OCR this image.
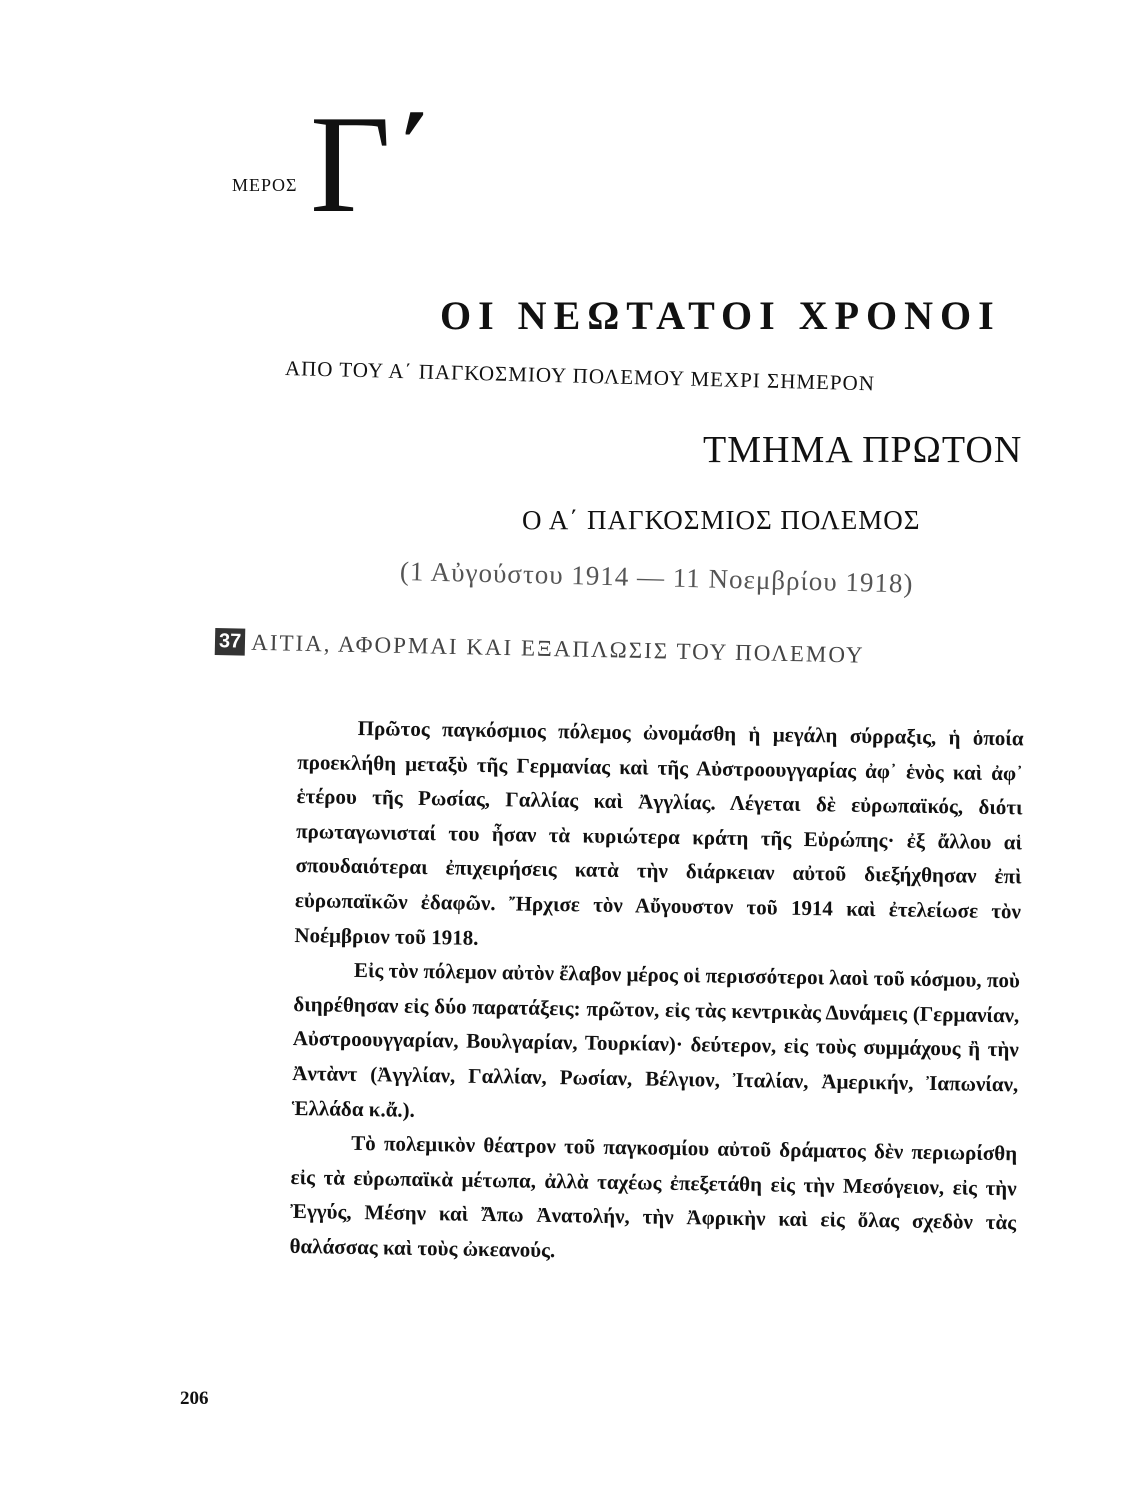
ΜΕΡΟΣ Γ΄
ΟΙ ΝΕΩΤΑΤΟΙ ΧΡΟΝΟΙ
ΑΠΟ ΤΟΥ Α΄ ΠΑΓΚΟΣΜΙΟΥ ΠΟΛΕΜΟΥ ΜΕΧΡΙ ΣΗΜΕΡΟΝ
ΤΜΗΜΑ ΠΡΩΤΟΝ
Ο Α΄ ΠΑΓΚΟΣΜΙΟΣ ΠΟΛΕΜΟΣ
(1 Αὐγούστου 1914 — 11 Νοεμβρίου 1918)
37 ΑΙΤΙΑ, ΑΦΟΡΜΑΙ ΚΑΙ ΕΞΑΠΛΩΣΙΣ ΤΟΥ ΠΟΛΕΜΟΥ

Πρῶτος παγκόσμιος πόλεμος ὠνομάσθη ἡ μεγάλη σύρραξις, ἡ ὁποία προεκλήθη μεταξὺ τῆς Γερμανίας καὶ τῆς Αὐστροουγγαρίας ἀφ᾿ ἑνὸς καὶ ἀφ᾿ ἑτέρου τῆς Ρωσίας, Γαλλίας καὶ Ἀγγλίας. Λέγεται δὲ εὐρωπαϊκός, διότι πρωταγωνισταί του ἦσαν τὰ κυριώτερα κράτη τῆς Εὐρώπης· ἐξ ἄλλου αἱ σπουδαιότεραι ἐπιχειρήσεις κατὰ τὴν διάρκειαν αὐτοῦ διεξήχθησαν ἐπὶ εὐρωπαϊκῶν ἐδαφῶν. Ἤρχισε τὸν Αὔγουστον τοῦ 1914 καὶ ἐτελείωσε τὸν Νοέμβριον τοῦ 1918.

Εἰς τὸν πόλεμον αὐτὸν ἔλαβον μέρος οἱ περισσότεροι λαοὶ τοῦ κόσμου, ποὺ διηρέθησαν εἰς δύο παρατάξεις: πρῶτον, εἰς τὰς κεντρικὰς Δυνάμεις (Γερμανίαν, Αὐστροουγγαρίαν, Βουλγαρίαν, Τουρκίαν)· δεύτερον, εἰς τοὺς συμμάχους ἢ τὴν Ἀντὰντ (Ἀγγλίαν, Γαλλίαν, Ρωσίαν, Βέλγιον, Ἰταλίαν, Ἀμερικήν, Ἰαπωνίαν, Ἑλλάδα κ.ἄ.).

Τὸ πολεμικὸν θέατρον τοῦ παγκοσμίου αὐτοῦ δράματος δὲν περιωρίσθη εἰς τὰ εὐρωπαϊκὰ μέτωπα, ἀλλὰ ταχέως ἐπεξετάθη εἰς τὴν Μεσόγειον, εἰς τὴν Ἐγγύς, Μέσην καὶ Ἄπω Ἀνατολήν, τὴν Ἀφρικὴν καὶ εἰς ὅλας σχεδὸν τὰς θαλάσσας καὶ τοὺς ὠκεανούς.

206
